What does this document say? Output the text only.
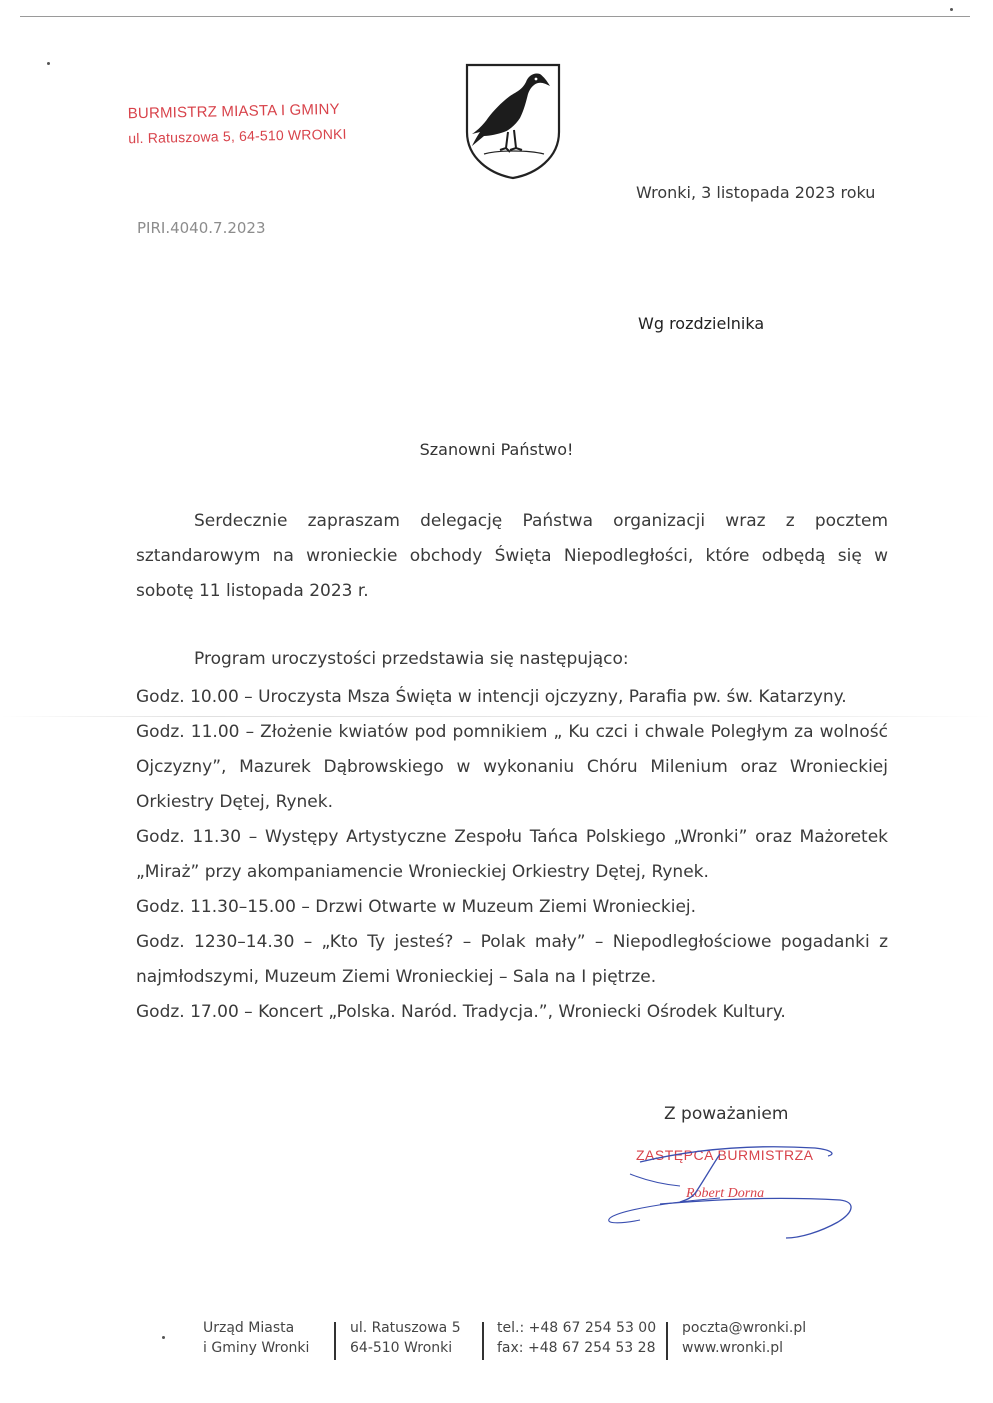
BURMISTRZ MIASTA I GMINY
ul. Ratuszowa 5, 64-510 WRONKI
Wronki, 3 listopada 2023 roku
PIRI.4040.7.2023
Wg rozdzielnika
Szanowni Państwo!
Serdecznie zapraszam delegację Państwa organizacji wraz z pocztem sztandarowym na wronieckie obchody Święta Niepodległości, które odbędą się w sobotę 11 listopada 2023 r.
Program uroczystości przedstawia się następująco:

Godz. 10.00 – Uroczysta Msza Święta w intencji ojczyzny, Parafia pw. św. Katarzyny.

Godz. 11.00 – Złożenie kwiatów pod pomnikiem „ Ku czci i chwale Poległym za wolność Ojczyzny”, Mazurek Dąbrowskiego w wykonaniu Chóru Milenium oraz Wronieckiej Orkiestry Dętej, Rynek.

Godz. 11.30 – Występy Artystyczne Zespołu Tańca Polskiego „Wronki” oraz Mażoretek „Miraż” przy akompaniamencie Wronieckiej Orkiestry Dętej, Rynek.

Godz. 11.30–15.00 – Drzwi Otwarte w Muzeum Ziemi Wronieckiej.

Godz. 1230–14.30 – „Kto Ty jesteś? – Polak mały” – Niepodległościowe pogadanki z najmłodszymi, Muzeum Ziemi Wronieckiej – Sala na I piętrze.

Godz. 17.00 – Koncert „Polska. Naród. Tradycja.”, Wroniecki Ośrodek Kultury.

Z poważaniem
ZASTĘPCA BURMISTRZA
Robert Dorna
Urząd Miasta
i Gminy Wronki
ul. Ratuszowa 5
64-510 Wronki
tel.: +48 67 254 53 00
fax: +48 67 254 53 28
poczta@wronki.pl
www.wronki.pl
